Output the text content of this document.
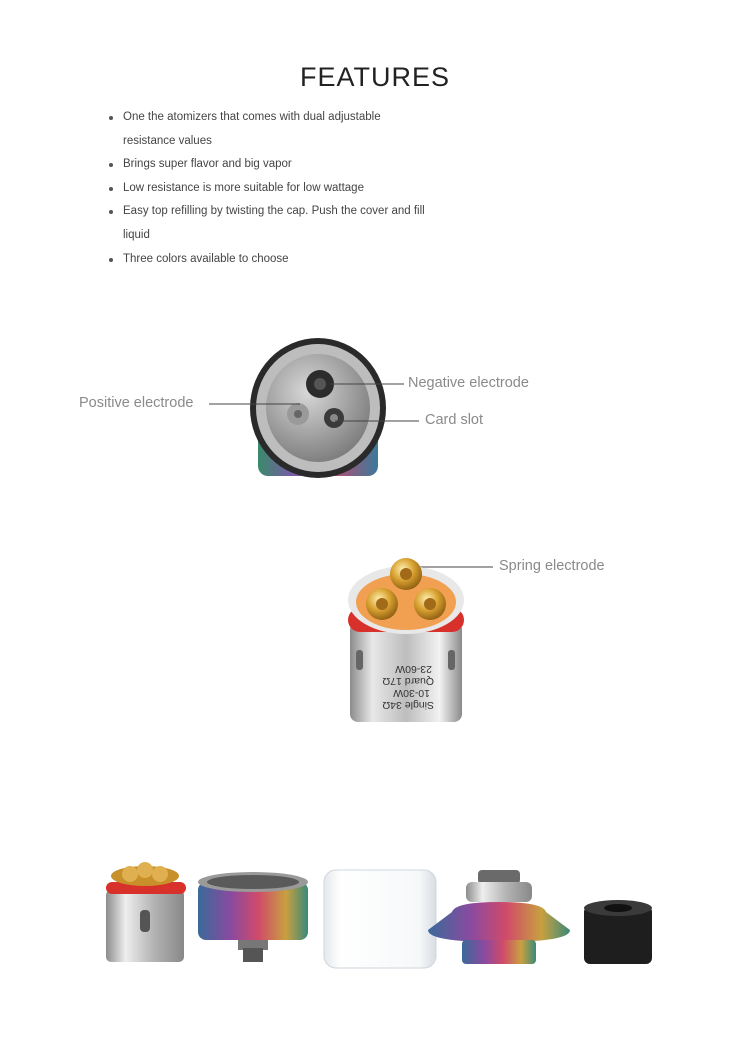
FEATURES
One the atomizers that comes with dual adjustable resistance values
Brings super flavor and big vapor
Low resistance is more suitable for low wattage
Easy top refilling by twisting the cap. Push the cover and fill liquid
Three colors available to choose
Negative electrode
Positive electrode
Card slot
Spring electrode
Single 34Ω
10-30W
Quard 17Ω
23-60W
